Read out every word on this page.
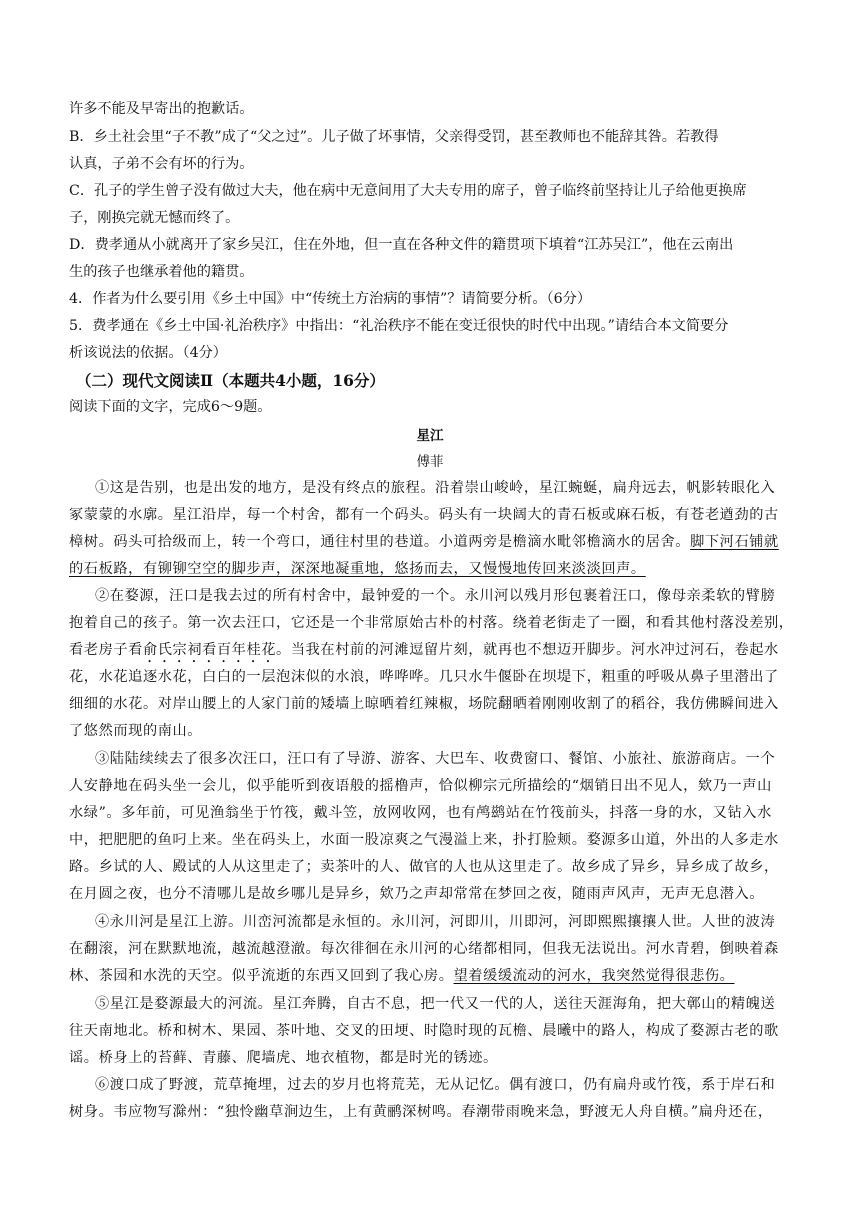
许多不能及早寄出的抱歉话。
B．乡土社会里“子不教”成了“父之过”。儿子做了坏事情，父亲得受罚，甚至教师也不能辞其咎。若教得
认真，子弟不会有坏的行为。
C．孔子的学生曾子没有做过大夫，他在病中无意间用了大夫专用的席子，曾子临终前坚持让儿子给他更换席
子，刚换完就无憾而终了。
D．费孝通从小就离开了家乡吴江，住在外地，但一直在各种文件的籍贯项下填着“江苏吴江”，他在云南出
生的孩子也继承着他的籍贯。
4．作者为什么要引用《乡土中国》中“传统土方治病的事情”？请简要分析。（6分）
5．费孝通在《乡土中国·礼治秩序》中指出：“礼治秩序不能在变迁很快的时代中出现。”请结合本文简要分
析该说法的依据。（4分）
（二）现代文阅读Ⅱ（本题共4小题，16分）
阅读下面的文字，完成6～9题。
星江
傅菲
①这是告别，也是出发的地方，是没有终点的旅程。沿着崇山峻岭，星江蜿蜒，扁舟远去，帆影转眼化入
冢蒙蒙的水廓。星江沿岸，每一个村舍，都有一个码头。码头有一块阔大的青石板或麻石板，有苍老遒劲的古
樟树。码头可拾级而上，转一个弯口，通往村里的巷道。小道两旁是檐滴水毗邻檐滴水的居舍。脚下河石铺就
的石板路，有铆铆空空的脚步声，深深地凝重地，悠扬而去，又慢慢地传回来淡淡回声。
②在婺源，汪口是我去过的所有村舍中，最钟爱的一个。永川河以残月形包裹着汪口，像母亲柔软的臂膀
抱着自己的孩子。第一次去汪口，它还是一个非常原始古朴的村落。绕着老街走了一圈，和看其他村落没差别，
看老房子看俞氏宗祠看百年桂花。当我在村前的河滩逗留片刻，就再也不想迈开脚步。河水冲过河石，卷起水
花，水花追逐水花，白白的一层泡沫似的水浪，哗哗哗。几只水牛偃卧在坝堤下，粗重的呼吸从鼻子里潜出了
细细的水花。对岸山腰上的人家门前的矮墙上晾晒着红辣椒，场院翻晒着刚刚收割了的稻谷，我仿佛瞬间进入
了悠然而现的南山。
③陆陆续续去了很多次汪口，汪口有了导游、游客、大巴车、收费窗口、餐馆、小旅社、旅游商店。一个
人安静地在码头坐一会儿，似乎能听到夜语般的摇橹声，恰似柳宗元所描绘的“烟销日出不见人，欸乃一声山
水绿”。多年前，可见渔翁坐于竹筏，戴斗笠，放网收网，也有鸬鹚站在竹筏前头，抖落一身的水，又钻入水
中，把肥肥的鱼叼上来。坐在码头上，水面一股凉爽之气漫溢上来，扑打脸颊。婺源多山道，外出的人多走水
路。乡试的人、殿试的人从这里走了；卖茶叶的人、做官的人也从这里走了。故乡成了异乡，异乡成了故乡，
在月圆之夜，也分不清哪儿是故乡哪儿是异乡，欸乃之声却常常在梦回之夜，随雨声风声，无声无息潜入。
④永川河是星江上游。川峦河流都是永恒的。永川河，河即川，川即河，河即熙熙攘攘人世。人世的波涛
在翻滚，河在默默地流，越流越澄澈。每次徘徊在永川河的心绪都相同，但我无法说出。河水青碧，倒映着森
林、茶园和水洗的天空。似乎流逝的东西又回到了我心房。望着缓缓流动的河水，我突然觉得很悲伤。
⑤星江是婺源最大的河流。星江奔腾，自古不息，把一代又一代的人，送往天涯海角，把大鄣山的精魄送
往天南地北。桥和树木、果园、茶叶地、交叉的田埂、时隐时现的瓦檐、晨曦中的路人，构成了婺源古老的歌
谣。桥身上的苔藓、青藤、爬墙虎、地衣植物，都是时光的锈迹。
⑥渡口成了野渡，荒草掩埋，过去的岁月也将荒芜，无从记忆。偶有渡口，仍有扁舟或竹筏，系于岸石和
树身。韦应物写滁州：“独怜幽草涧边生，上有黄鹂深树鸣。春潮带雨晚来急，野渡无人舟自横。”扁舟还在，
